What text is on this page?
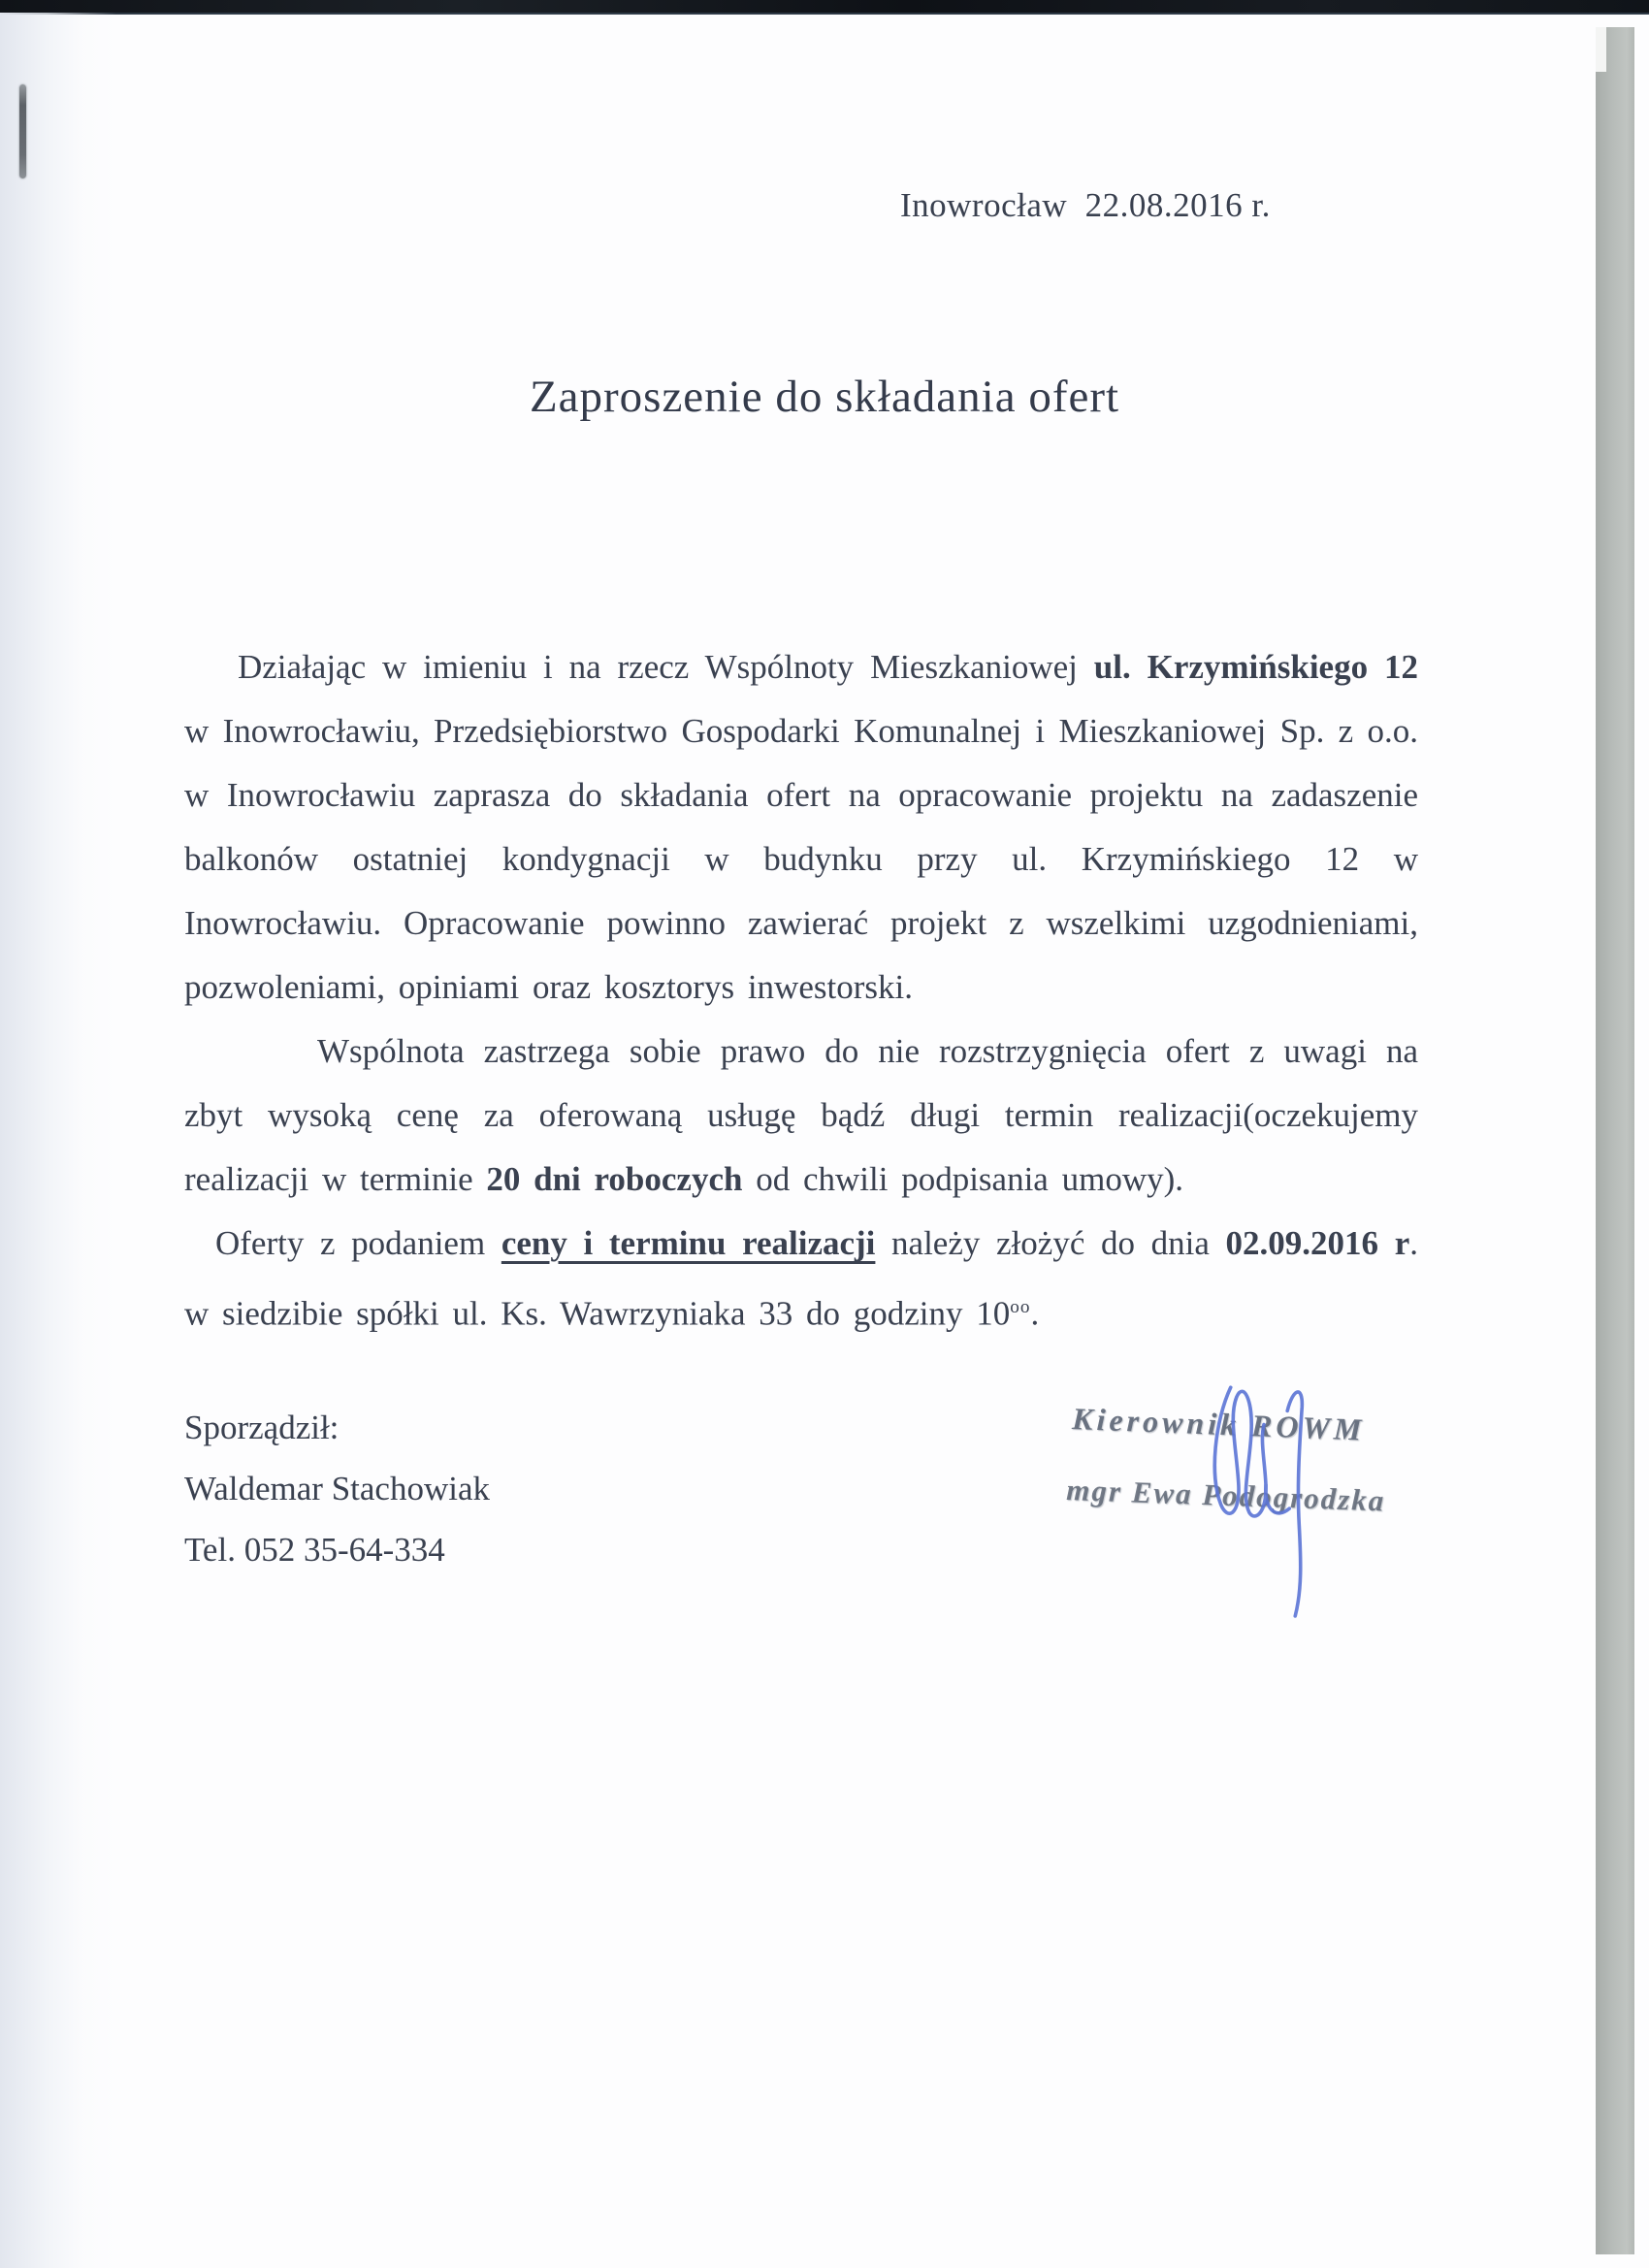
Inowrocław  22.08.2016 r.
Zaproszenie do składania ofert

Działając w imieniu i na rzecz Wspólnoty Mieszkaniowej ul. Krzymińskiego 12 w Inowrocławiu, Przedsiębiorstwo Gospodarki Komunalnej i Mieszkaniowej Sp. z o.o. w Inowrocławiu zaprasza do składania ofert na opracowanie projektu na zadaszenie balkonów ostatniej kondygnacji w budynku przy ul. Krzymińskiego 12 w Inowrocławiu. Opracowanie powinno zawierać projekt z wszelkimi uzgodnieniami, pozwoleniami, opiniami oraz kosztorys inwestorski.

Wspólnota zastrzega sobie prawo do nie rozstrzygnięcia ofert z uwagi na zbyt wysoką cenę za oferowaną usługę bądź długi termin realizacji(oczekujemy realizacji w terminie 20 dni roboczych od chwili podpisania umowy).

Oferty z podaniem ceny i terminu realizacji należy złożyć do dnia 02.09.2016 r. w siedzibie spółki ul. Ks. Wawrzyniaka 33 do godziny $10^{oo}$.

Sporządził:
Waldemar Stachowiak
Tel. 052 35-64-334
Kierownik ROWM
mgr Ewa Podogrodzka
